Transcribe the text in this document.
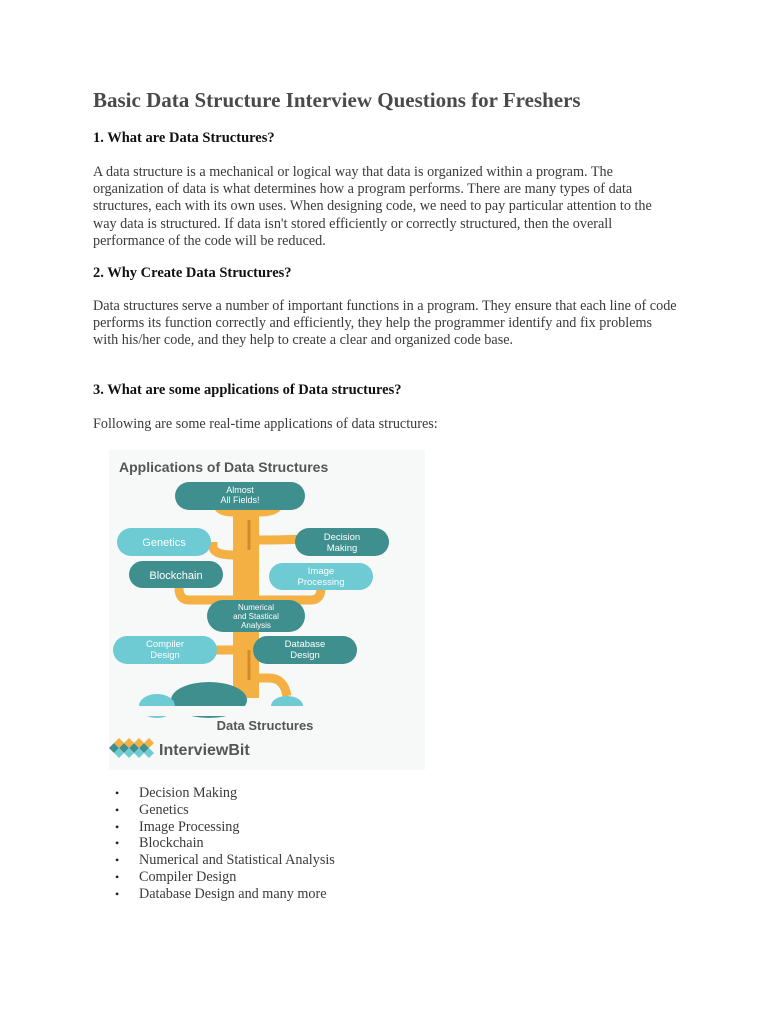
Basic Data Structure Interview Questions for Freshers
1. What are Data Structures?

A data structure is a mechanical or logical way that data is organized within a program. The organization of data is what determines how a program performs. There are many types of data structures, each with its own uses. When designing code, we need to pay particular attention to the way data is structured. If data isn't stored efficiently or correctly structured, then the overall performance of the code will be reduced.

2. Why Create Data Structures?

Data structures serve a number of important functions in a program. They ensure that each line of code performs its function correctly and efficiently, they help the programmer identify and fix problems with his/her code, and they help to create a clear and organized code base.

3. What are some applications of Data structures?

Following are some real-time applications of data structures:

Applications of Data Structures
Almost
All Fields!
Genetics	Decision
Making
Blockchain	Image
Processing
Numerical
and Stastical
Analysis
Compiler
Design
Database
Design
Data Structures
InterviewBit
• Decision Making
• Genetics
• Image Processing
• Blockchain
• Numerical and Statistical Analysis
• Compiler Design
• Database Design and many more
